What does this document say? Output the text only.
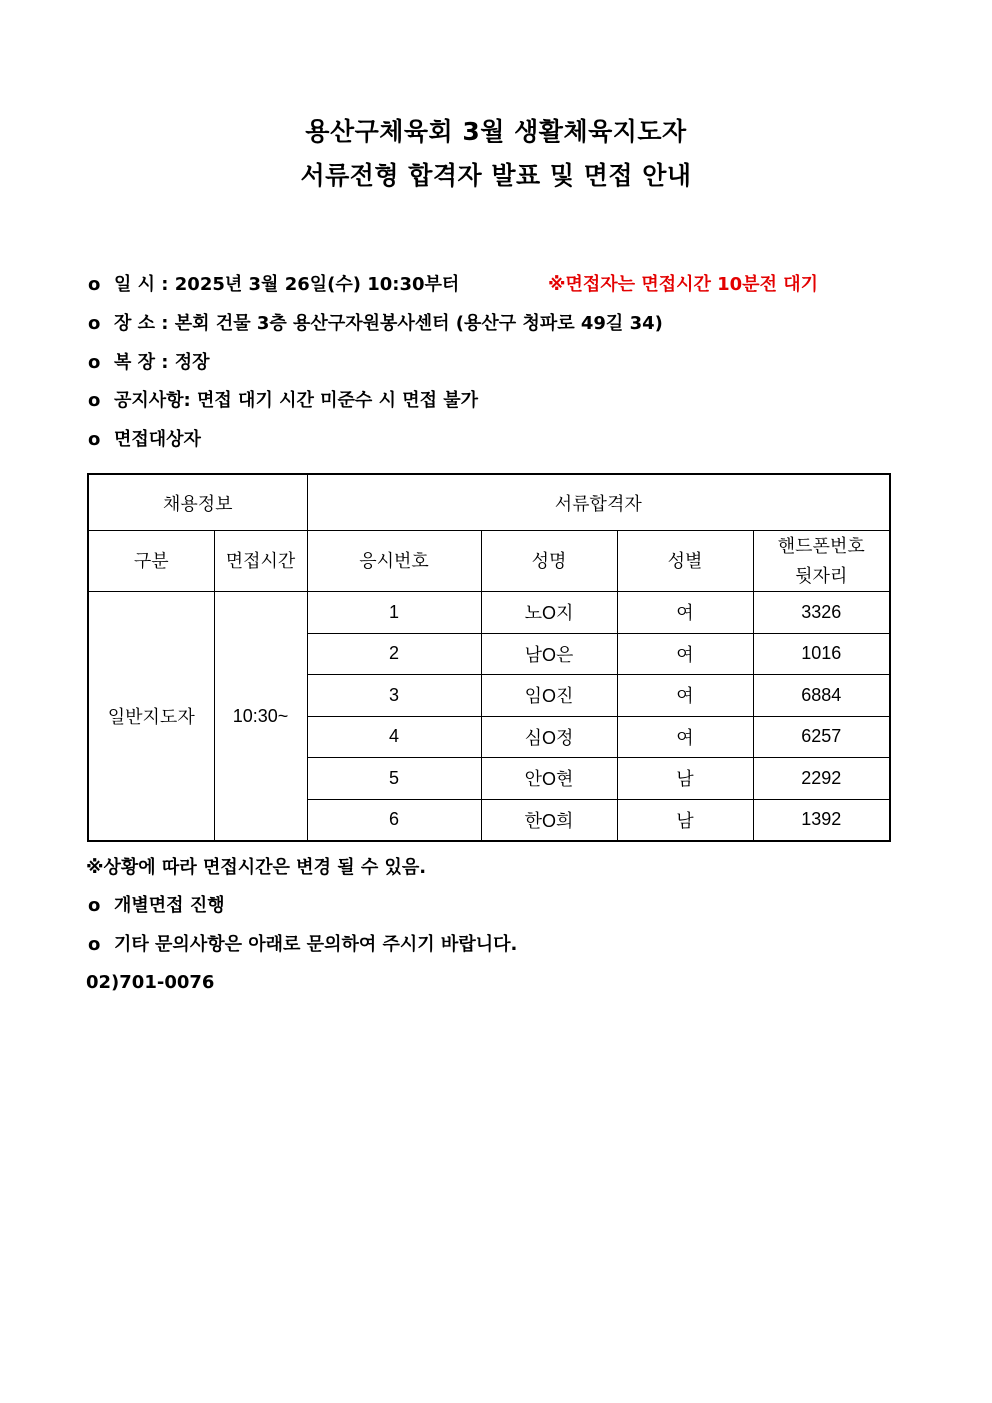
용산구체육회 3월 생활체육지도자
서류전형 합격자 발표 및 면접 안내
o 일 시 : 2025년 3월 26일(수) 10:30부터	※면접자는 면접시간 10분전 대기
o 장 소 : 본회 건물 3층 용산구자원봉사센터 (용산구 청파로 49길 34)
o 복 장 : 정장
o 공지사항: 면접 대기 시간 미준수 시 면접 불가
o 면접대상자
채용정보		서류합격자			
구분	면접시간	응시번호	성명	성별	핸드폰번호
뒷자리

일반지도자	10:30~	1	노O지	여	3326
		2	남O은	여	1016
		3	임O진	여	6884
		4	심O정	여	6257
		5	안O현	남	2292
		6	한O희	남	1392
※상황에 따라 면접시간은 변경 될 수 있음.
o 개별면접 진행
o 기타 문의사항은 아래로 문의하여 주시기 바랍니다.
02)701-0076
